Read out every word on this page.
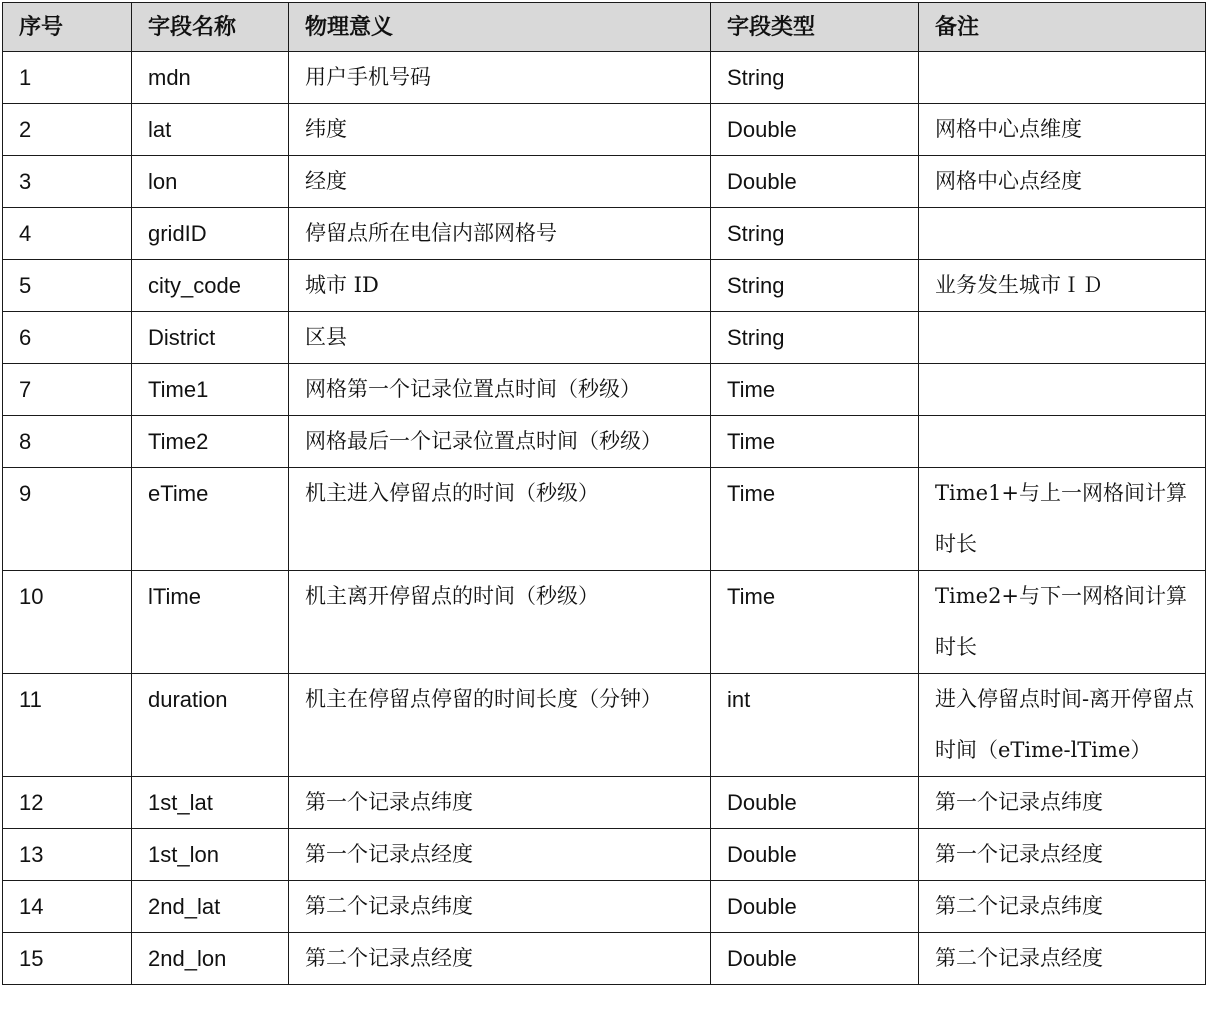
序号	字段名称	物理意义	字段类型	备注
1	mdn	用户手机号码	String	
2	lat	纬度	Double	网格中心点维度
3	lon	经度	Double	网格中心点经度
4	gridID	停留点所在电信内部网格号	String	
5	city_code	城市 ID	String	业务发生城市ＩＤ
6	District	区县	String	
7	Time1	网格第一个记录位置点时间（秒级）	Time	
8	Time2	网格最后一个记录位置点时间（秒级）	Time	
9	eTime	机主进入停留点的时间（秒级）	Time	Time1+与上一网格间计算时长
10	lTime	机主离开停留点的时间（秒级）	Time	Time2+与下一网格间计算时长
11	duration	机主在停留点停留的时间长度（分钟）	int	进入停留点时间-离开停留点时间（eTime-lTime）
12	1st_lat	第一个记录点纬度	Double	第一个记录点纬度
13	1st_lon	第一个记录点经度	Double	第一个记录点经度
14	2nd_lat	第二个记录点纬度	Double	第二个记录点纬度
15	2nd_lon	第二个记录点经度	Double	第二个记录点经度
